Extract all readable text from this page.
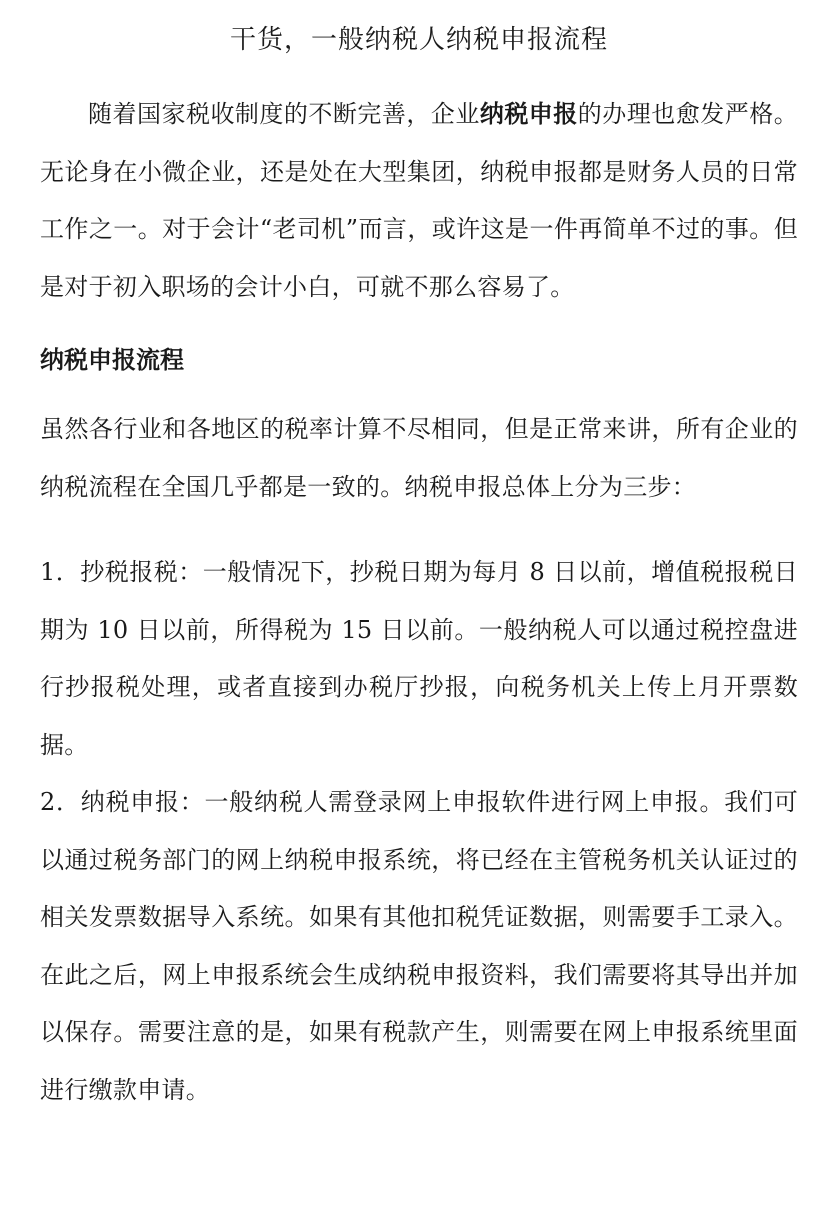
干货，一般纳税人纳税申报流程

随着国家税收制度的不断完善，企业纳税申报的办理也愈发严格。无论身在小微企业，还是处在大型集团，纳税申报都是财务人员的日常工作之一。对于会计“老司机”而言，或许这是一件再简单不过的事。但是对于初入职场的会计小白，可就不那么容易了。

纳税申报流程

虽然各行业和各地区的税率计算不尽相同，但是正常来讲，所有企业的纳税流程在全国几乎都是一致的。纳税申报总体上分为三步：

1．抄税报税：一般情况下，抄税日期为每月 8 日以前，增值税报税日期为 10 日以前，所得税为 15 日以前。一般纳税人可以通过税控盘进行抄报税处理，或者直接到办税厅抄报，向税务机关上传上月开票数据。

2．纳税申报：一般纳税人需登录网上申报软件进行网上申报。我们可以通过税务部门的网上纳税申报系统，将已经在主管税务机关认证过的相关发票数据导入系统。如果有其他扣税凭证数据，则需要手工录入。在此之后，网上申报系统会生成纳税申报资料，我们需要将其导出并加以保存。需要注意的是，如果有税款产生，则需要在网上申报系统里面进行缴款申请。
